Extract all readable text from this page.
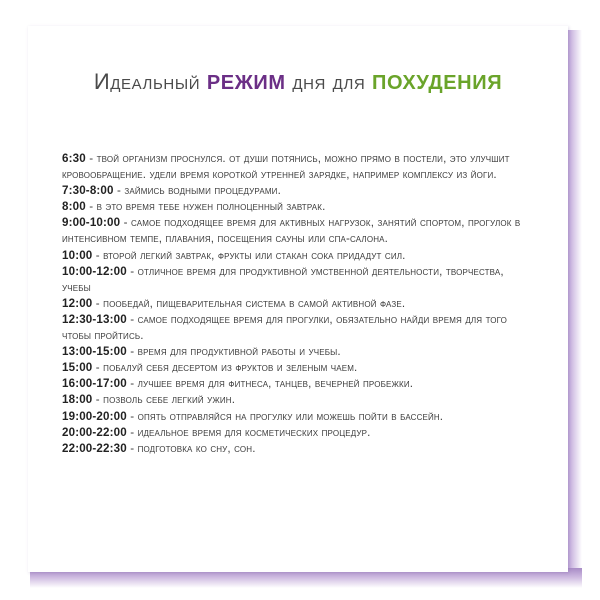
Идеальный РЕЖИМ дня для ПОХУДЕНИЯ

6:30 - твой организм проснулся. от души потянись, можно прямо в постели, это улучшит кровообращение. удели время короткой утренней зарядке, например комплексу из йоги.

7:30-8:00 - займись водными процедурами.

8:00 - в это время тебе нужен полноценный завтрак.

9:00-10:00 - самое подходящее время для активных нагрузок, занятий спортом, прогулок в интенсивном темпе, плавания, посещения сауны или спа-салона.

10:00 - второй легкий завтрак, фрукты или стакан сока придадут сил.

10:00-12:00 - отличное время для продуктивной умственной деятельности, творчества, учебы

12:00 - пообедай, пищеварительная система в самой активной фазе.

12:30-13:00 - самое подходящее время для прогулки, обязательно найди время для того чтобы пройтись.

13:00-15:00 - время для продуктивной работы и учебы.

15:00 - побалуй себя десертом из фруктов и зеленым чаем.

16:00-17:00 - лучшее время для фитнеса, танцев, вечерней пробежки.

18:00 - позволь себе легкий ужин.

19:00-20:00 - опять отправляйся на прогулку или можешь пойти в бассейн.

20:00-22:00 - идеальное время для косметических процедур.

22:00-22:30 - подготовка ко сну, сон.
